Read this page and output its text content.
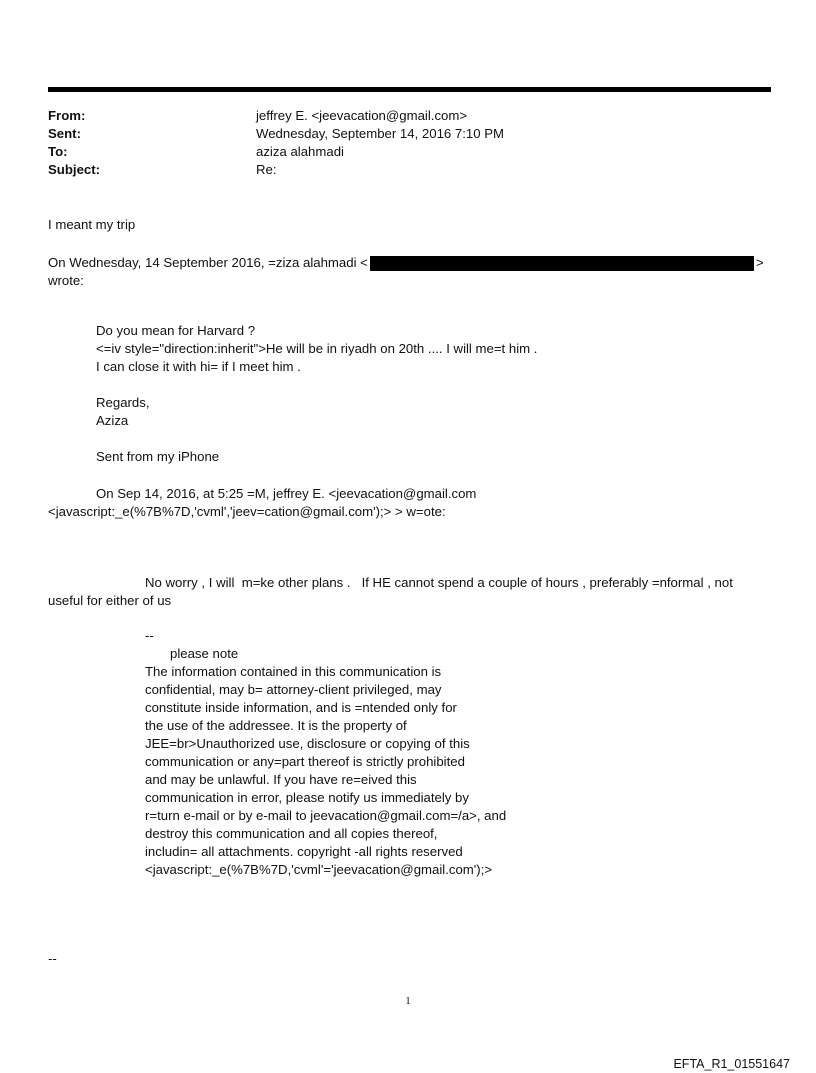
From:	jeffrey E. <jeevacation@gmail.com>
Sent:	Wednesday, September 14, 2016 7:10 PM
To:	aziza alahmadi
Subject:	Re:
I meant my trip
On Wednesday, 14 September 2016, =ziza alahmadi <	>
wrote:
Do you mean for Harvard ?
<=iv style="direction:inherit">He will be in riyadh on 20th .... I will me=t him .
I can close it with hi= if I meet him .
Regards,
Aziza
Sent from my iPhone
On Sep 14, 2016, at 5:25 =M, jeffrey E. <jeevacation@gmail.com
<javascript:_e(%7B%7D,'cvml','jeev=cation@gmail.com');> > w=ote:
No worry , I will  m=ke other plans .   If HE cannot spend a couple of hours , preferably =nformal , not
useful for either of us
--
please note
The information contained in this communication is
confidential, may b= attorney-client privileged, may
constitute inside information, and is =ntended only for
the use of the addressee. It is the property of
JEE=br>Unauthorized use, disclosure or copying of this
communication or any=part thereof is strictly prohibited
and may be unlawful. If you have re=eived this
communication in error, please notify us immediately by
r=turn e-mail or by e-mail to jeevacation@gmail.com=/a>, and
destroy this communication and all copies thereof,
includin= all attachments. copyright -all rights reserved
<javascript:_e(%7B%7D,'cvml'='jeevacation@gmail.com');>
--
1
EFTA_R1_01551647
